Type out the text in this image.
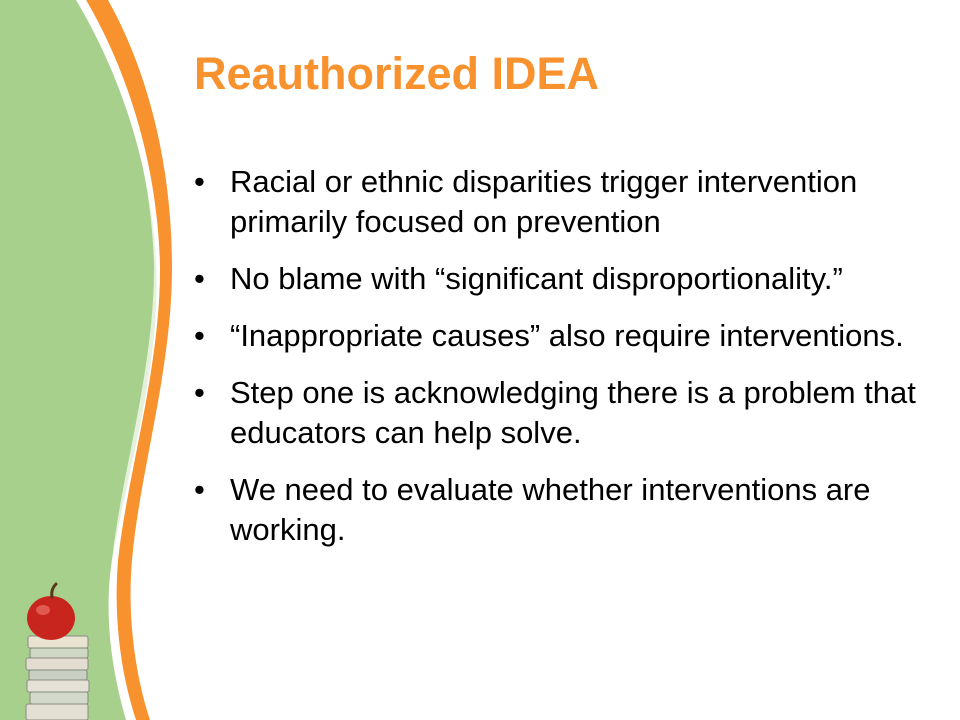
Reauthorized IDEA
• Racial or ethnic disparities trigger intervention primarily focused on prevention
• No blame with “significant disproportionality.”
• “Inappropriate causes” also require interventions.
• Step one is acknowledging there is a problem that educators can help solve.
• We need to evaluate whether interventions are working.
